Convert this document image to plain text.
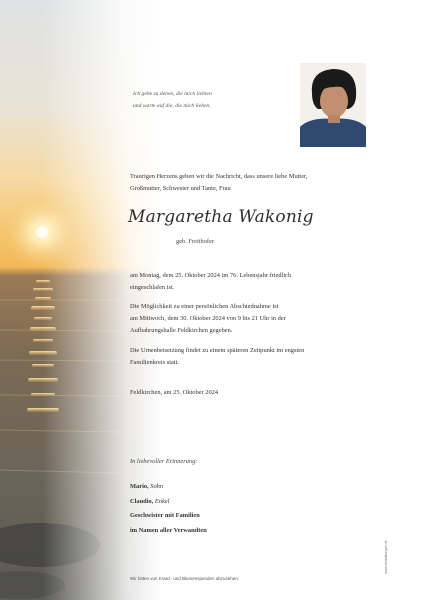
Ich gehe zu denen, die mich liebten
und warte auf die, die mich lieben.
Traurigen Herzens geben wir die Nachricht, dass unsere liebe Mutter,
Großmutter, Schwester und Tante, Frau
Margaretha Wakonig
geb. Freithofer
am Montag, dem 25. Oktober 2024 im 76. Lebensjahr friedlich
eingeschlafen ist.
Die Möglichkeit zu einer persönlichen Abschiednahme ist
am Mittwoch, dem 30. Oktober 2024 von 9 bis 21 Uhr in der
Aufbahrungshalle Feldkirchen gegeben.
Die Urnenbeisetzung findet zu einem späteren Zeitpunkt im engsten
Familienkreis statt.
Feldkirchen, am 25. Oktober 2024
In liebevoller Erinnerung:
Mario, Sohn
Claudio, Enkel
Geschwister mit Familien
im Namen aller Verwandten
Wir bitten von Kranz- und Blumenspenden abzusehen.
www.bestattungen.at
